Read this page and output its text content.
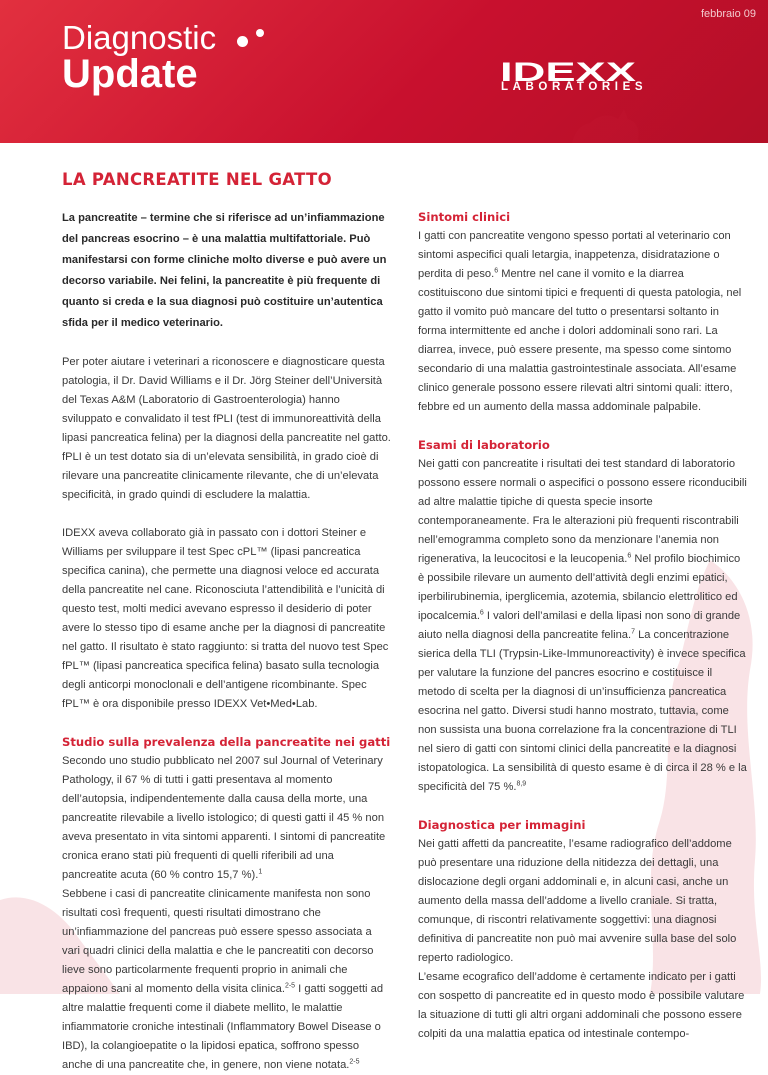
febbraio 09
Diagnostic
Update	IDEXX
LABORATORIES
LA PANCREATITE NEL GATTO

La pancreatite – termine che si riferisce ad un’infiammazione del pancreas esocrino – è una malattia multifattoriale. Può manifestarsi con forme cliniche molto diverse e può avere un decorso variabile. Nei felini, la pancreatite è più frequente di quanto si creda e la sua diagnosi può costituire un’autentica sfida per il medico veterinario.

Per poter aiutare i veterinari a riconoscere e diagnosticare questa patologia, il Dr. David Williams e il Dr. Jörg Steiner dell’Università del Texas A&M (Laboratorio di Gastroenterologia) hanno sviluppato e convalidato il test fPLI (test di immunoreattività della lipasi pancreatica felina) per la diagnosi della pancreatite nel gatto. fPLI è un test dotato sia di un’elevata sensibilità, in grado cioè di rilevare una pancreatite clinicamente rilevante, che di un’elevata specificità, in grado quindi di escludere la malattia.

IDEXX aveva collaborato già in passato con i dottori Steiner e Williams per sviluppare il test Spec cPL™ (lipasi pancreatica specifica canina), che permette una diagnosi veloce ed accurata della pancreatite nel cane. Riconosciuta l’attendibilità e l’unicità di questo test, molti medici avevano espresso il desiderio di poter avere lo stesso tipo di esame anche per la diagnosi di pancreatite nel gatto. Il risultato è stato raggiunto: si tratta del nuovo test Spec fPL™ (lipasi pancreatica specifica felina) basato sulla tecnologia degli anticorpi monoclonali e dell’antigene ricombinante. Spec fPL™ è ora disponibile presso IDEXX Vet•Med•Lab.

Studio sulla prevalenza della pancreatite nei gatti

Secondo uno studio pubblicato nel 2007 sul Journal of Veterinary Pathology, il 67 % di tutti i gatti presentava al momento dell’autopsia, indipendentemente dalla causa della morte, una pancreatite rilevabile a livello istologico; di questi gatti il 45 % non aveva presentato in vita sintomi apparenti. I sintomi di pancreatite cronica erano stati più frequenti di quelli riferibili ad una pancreatite acuta (60 % contro 15,7 %).$^1$

Sebbene i casi di pancreatite clinicamente manifesta non sono risultati così frequenti, questi risultati dimostrano che un’infiammazione del pancreas può essere spesso associata a vari quadri clinici della malattia e che le pancreatiti con decorso lieve sono particolarmente frequenti proprio in animali che appaiono sani al momento della visita clinica.$^{2-5}$ I gatti soggetti ad altre malattie frequenti come il diabete mellito, le malattie infiammatorie croniche intestinali (Inflammatory Bowel Disease o IBD), la colangioepatite o la lipidosi epatica, soffrono spesso anche di una pancreatite che, in genere, non viene notata.$^{2-5}$

Sintomi clinici

I gatti con pancreatite vengono spesso portati al veterinario con sintomi aspecifici quali letargia, inappetenza, disidratazione o perdita di peso.$^6$ Mentre nel cane il vomito e la diarrea costituiscono due sintomi tipici e frequenti di questa patologia, nel gatto il vomito può mancare del tutto o presentarsi soltanto in forma intermittente ed anche i dolori addominali sono rari. La diarrea, invece, può essere presente, ma spesso come sintomo secondario di una malattia gastrointestinale associata. All’esame clinico generale possono essere rilevati altri sintomi quali: ittero, febbre ed un aumento della massa addominale palpabile.

Esami di laboratorio

Nei gatti con pancreatite i risultati dei test standard di laboratorio possono essere normali o aspecifici o possono essere riconducibili ad altre malattie tipiche di questa specie insorte contemporaneamente. Fra le alterazioni più frequenti riscontrabili nell’emogramma completo sono da menzionare l’anemia non rigenerativa, la leucocitosi e la leucopenia.$^6$ Nel profilo biochimico è possibile rilevare un aumento dell’attività degli enzimi epatici, iperbilirubinemia, iperglicemia, azotemia, sbilancio elettrolitico ed ipocalcemia.$^6$ I valori dell’amilasi e della lipasi non sono di grande aiuto nella diagnosi della pancreatite felina.$^7$ La concentrazione sierica della TLI (Trypsin-Like-Immunoreactivity) è invece specifica per valutare la funzione del pancres esocrino e costituisce il metodo di scelta per la diagnosi di un’insufficienza pancreatica esocrina nel gatto. Diversi studi hanno mostrato, tuttavia, come non sussista una buona correlazione fra la concentrazione di TLI nel siero di gatti con sintomi clinici della pancreatite e la diagnosi istopatologica. La sensibilità di questo esame è di circa il 28 % e la specificità del 75 %.$^{8,9}$

Diagnostica per immagini

Nei gatti affetti da pancreatite, l’esame radiografico dell’addome può presentare una riduzione della nitidezza dei dettagli, una dislocazione degli organi addominali e, in alcuni casi, anche un aumento della massa dell’addome a livello craniale. Si tratta, comunque, di riscontri relativamente soggettivi: una diagnosi definitiva di pancreatite non può mai avvenire sulla base del solo reperto radiologico.

L’esame ecografico dell’addome è certamente indicato per i gatti con sospetto di pancreatite ed in questo modo è possibile valutare la situazione di tutti gli altri organi addominali che possono essere colpiti da una malattia epatica od intestinale contempo-
